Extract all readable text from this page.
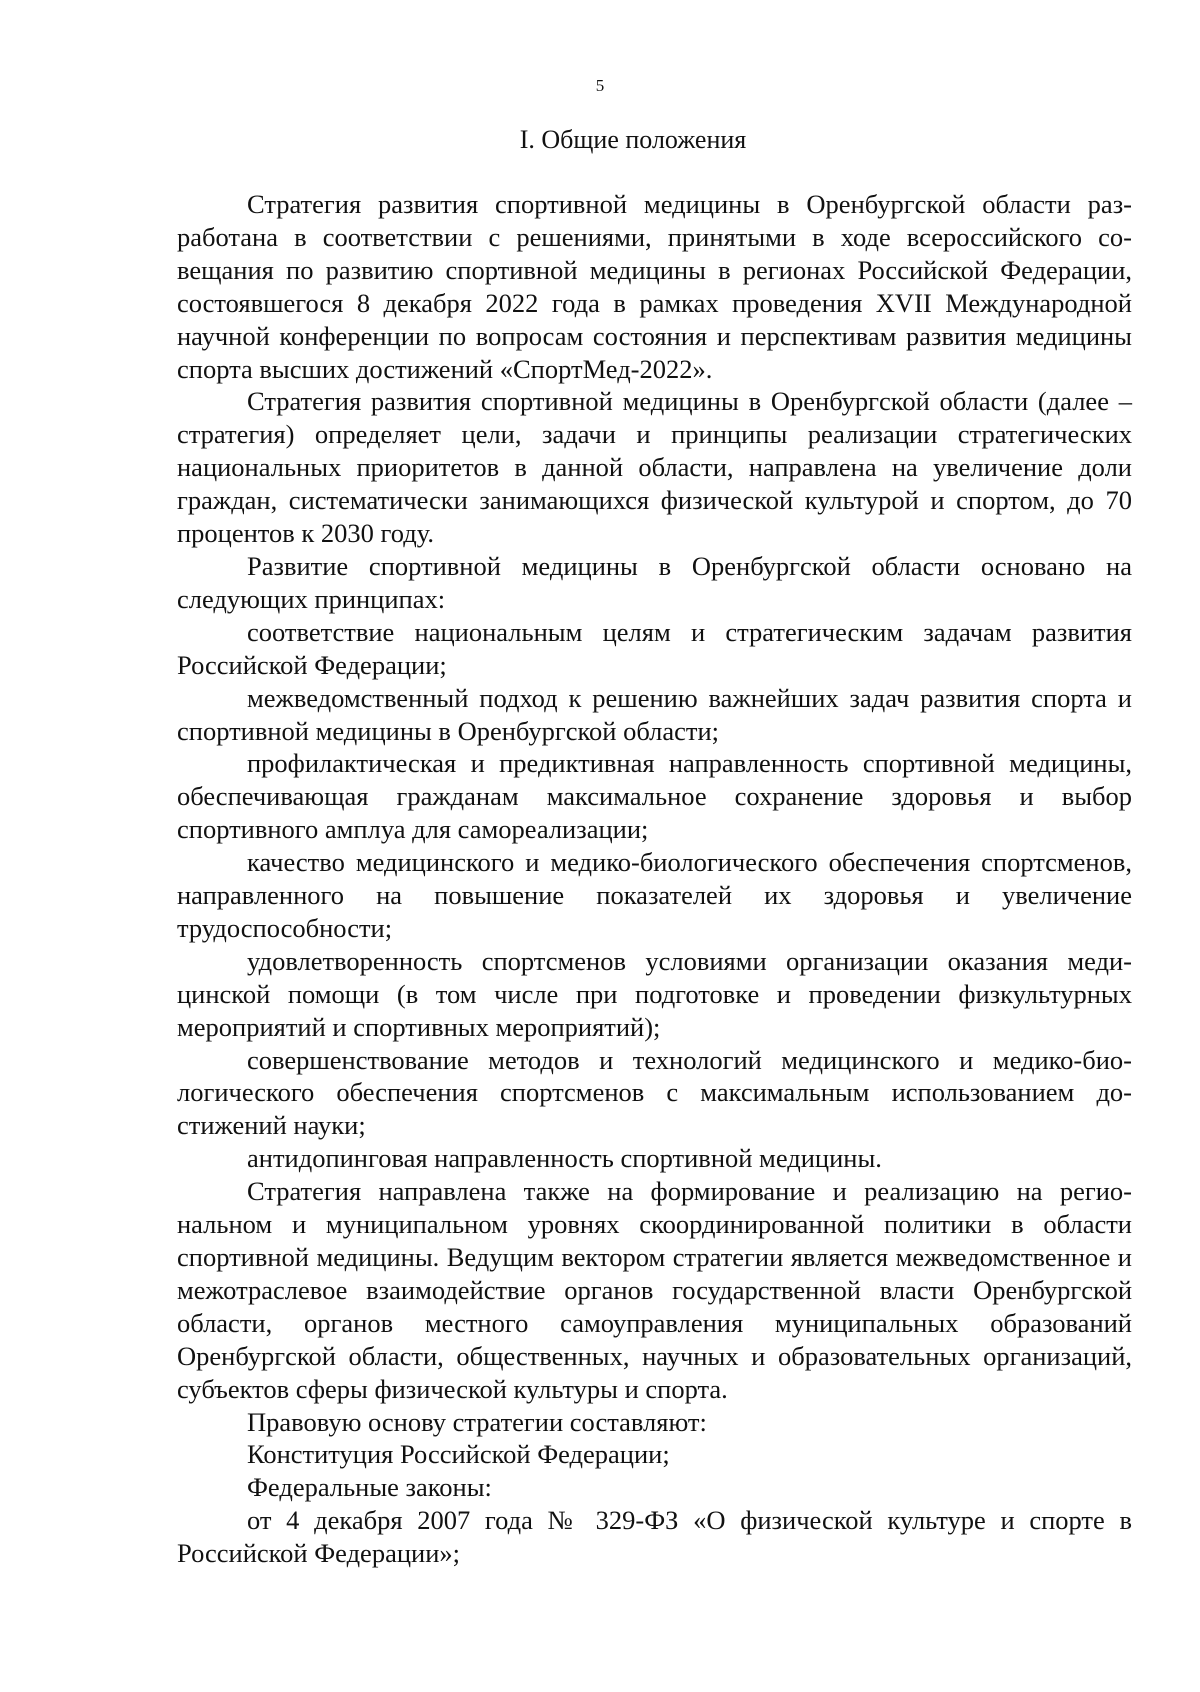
5
I. Общие положения

Стратегия развития спортивной медицины в Оренбургской области разработана в соответствии с решениями, принятыми в ходе всероссийского совещания по развитию спортивной медицины в регионах Российской Федерации, состоявшегося 8 декабря 2022 года в рамках проведения XVII Международной научной конференции по вопросам состояния и перспективам развития медицины спорта высших достижений «СпортМед-2022».

Стратегия развития спортивной медицины в Оренбургской области (далее – стратегия) определяет цели, задачи и принципы реализации стратегических национальных приоритетов в данной области, направлена на увеличение доли граждан, систематически занимающихся физической культурой и спортом, до 70 процентов к 2030 году.

Развитие спортивной медицины в Оренбургской области основано на следующих принципах:

соответствие национальным целям и стратегическим задачам развития Российской Федерации;

межведомственный подход к решению важнейших задач развития спорта и спортивной медицины в Оренбургской области;

профилактическая и предиктивная направленность спортивной медицины, обеспечивающая гражданам максимальное сохранение здоровья и выбор спортивного амплуа для самореализации;

качество медицинского и медико-биологического обеспечения спортсменов, направленного на повышение показателей их здоровья и увеличение трудоспособности;

удовлетворенность спортсменов условиями организации оказания медицинской помощи (в том числе при подготовке и проведении физкультурных мероприятий и спортивных мероприятий);

совершенствование методов и технологий медицинского и медико-биологического обеспечения спортсменов с максимальным использованием достижений науки;

антидопинговая направленность спортивной медицины.

Стратегия направлена также на формирование и реализацию на региональном и муниципальном уровнях скоординированной политики в области спортивной медицины. Ведущим вектором стратегии является межведомственное и межотраслевое взаимодействие органов государственной власти Оренбургской области, органов местного самоуправления муниципальных образований Оренбургской области, общественных, научных и образовательных организаций, субъектов сферы физической культуры и спорта.

Правовую основу стратегии составляют:

Конституция Российской Федерации;

Федеральные законы:

от 4 декабря 2007 года № 329-ФЗ «О физической культуре и спорте в Российской Федерации»;
